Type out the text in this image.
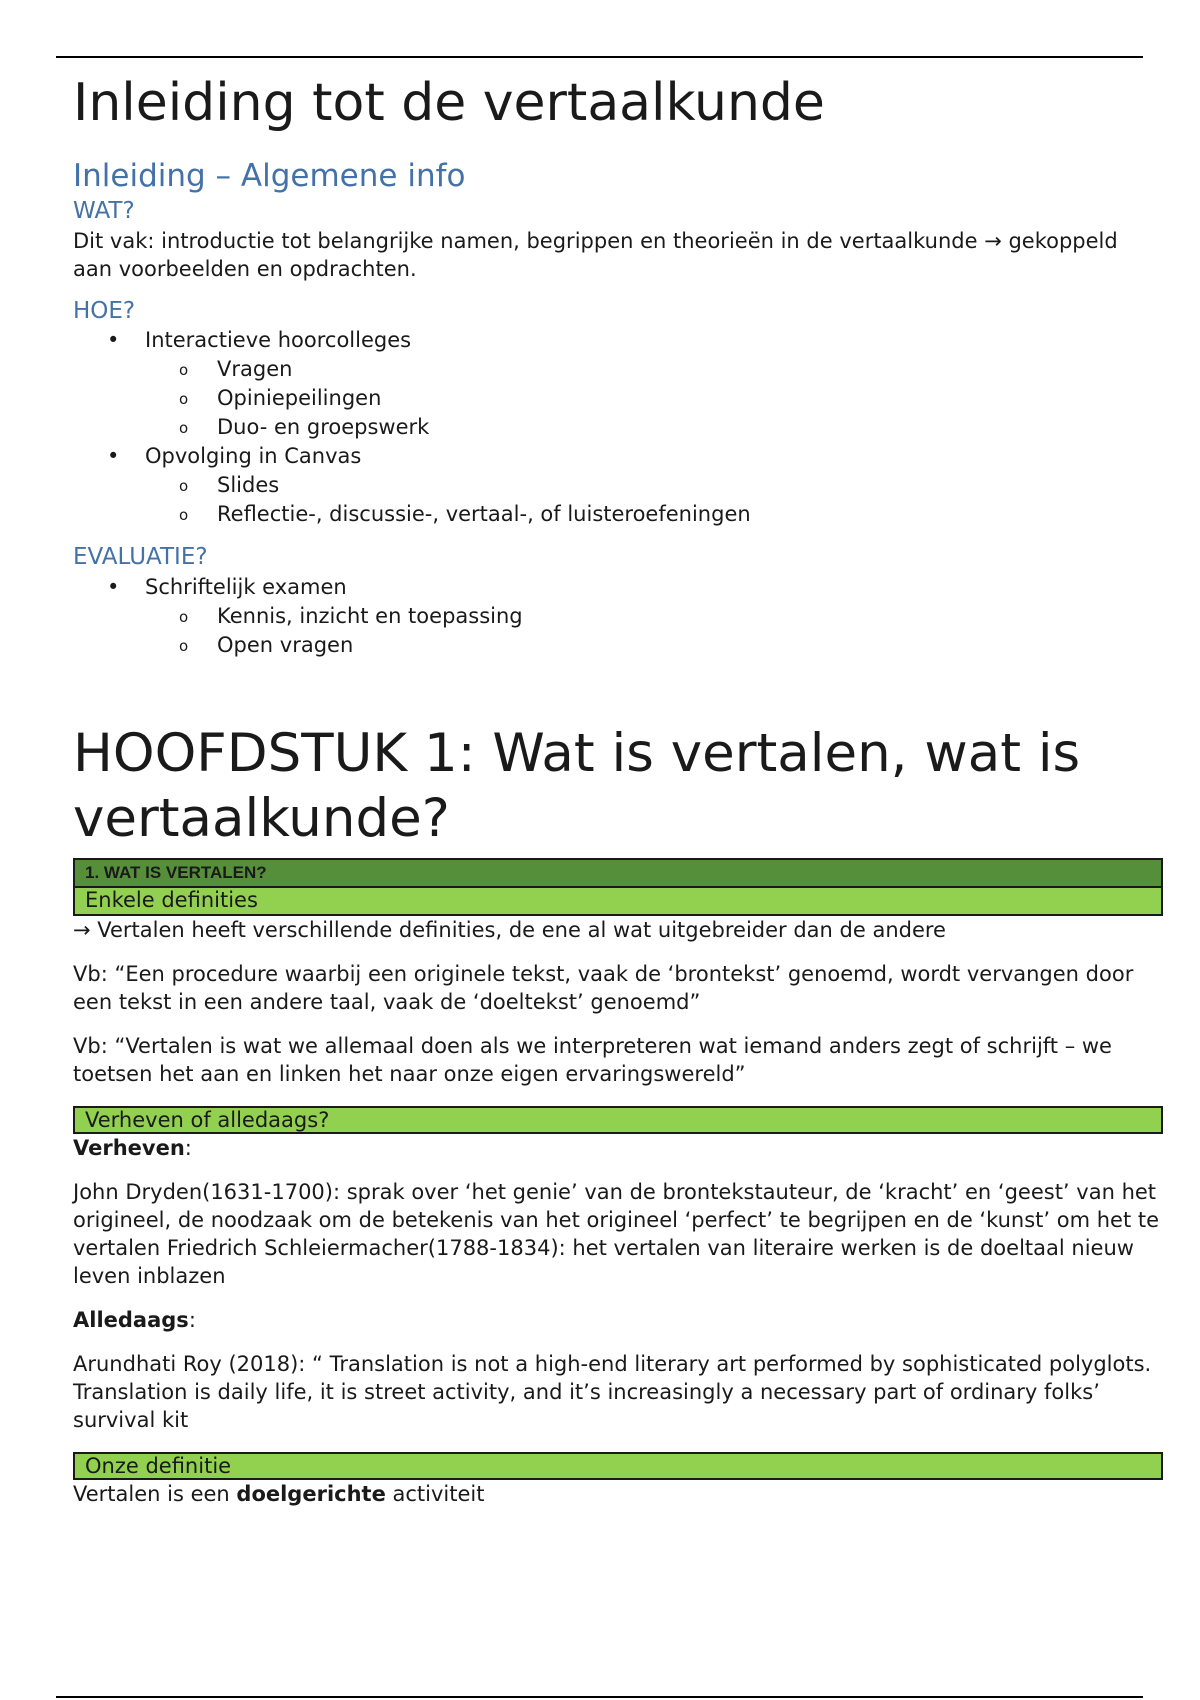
Inleiding tot de vertaalkunde
Inleiding – Algemene info
WAT?

Dit vak: introductie tot belangrijke namen, begrippen en theorieën in de vertaalkunde → gekoppeld aan voorbeelden en opdrachten.

HOE?
• Interactieve hoorcolleges
o Vragen
o Opiniepeilingen
o Duo- en groepswerk
• Opvolging in Canvas
o Slides
o Reflectie-, discussie-, vertaal-, of luisteroefeningen
EVALUATIE?
• Schriftelijk examen
o Kennis, inzicht en toepassing
o Open vragen
HOOFDSTUK 1: Wat is vertalen, wat is vertaalkunde?
1. WAT IS VERTALEN?
Enkele definities

→ Vertalen heeft verschillende definities, de ene al wat uitgebreider dan de andere

Vb: “Een procedure waarbij een originele tekst, vaak de ‘brontekst’ genoemd, wordt vervangen door een tekst in een andere taal, vaak de ‘doeltekst’ genoemd”

Vb: “Vertalen is wat we allemaal doen als we interpreteren wat iemand anders zegt of schrijft – we toetsen het aan en linken het naar onze eigen ervaringswereld”

Verheven of alledaags?

Verheven:

John Dryden(1631-1700): sprak over ‘het genie’ van de brontekstauteur, de ‘kracht’ en ‘geest’ van het origineel, de noodzaak om de betekenis van het origineel ‘perfect’ te begrijpen en de ‘kunst’ om het te vertalen Friedrich Schleiermacher(1788-1834): het vertalen van literaire werken is de doeltaal nieuw leven inblazen

Alledaags:

Arundhati Roy (2018): “ Translation is not a high-end literary art performed by sophisticated polyglots. Translation is daily life, it is street activity, and it’s increasingly a necessary part of ordinary folks’ survival kit

Onze definitie

Vertalen is een doelgerichte activiteit
